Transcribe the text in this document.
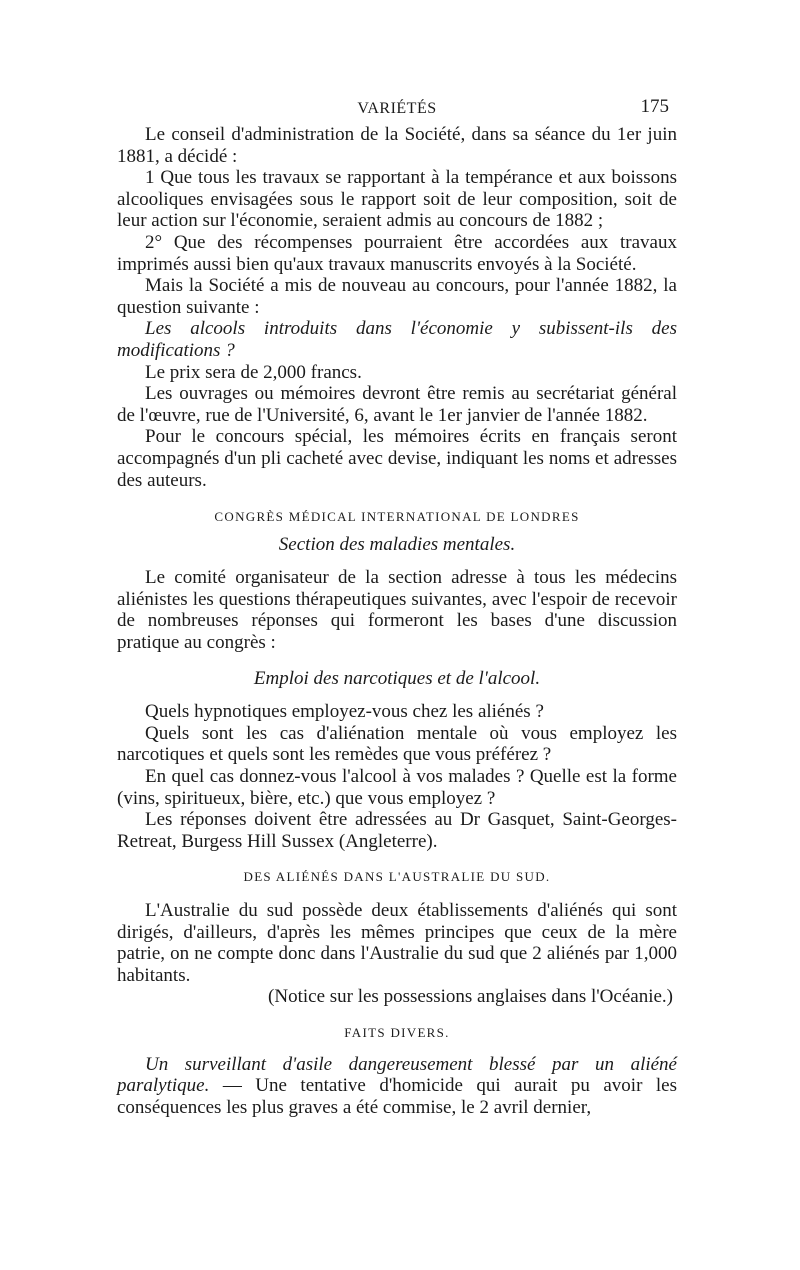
VARIÉTÉS	175

Le conseil d'administration de la Société, dans sa séance du 1er juin 1881, a décidé :

1 Que tous les travaux se rapportant à la tempérance et aux boissons alcooliques envisagées sous le rapport soit de leur composition, soit de leur action sur l'économie, seraient admis au concours de 1882 ;

2° Que des récompenses pourraient être accordées aux travaux imprimés aussi bien qu'aux travaux manuscrits envoyés à la Société.

Mais la Société a mis de nouveau au concours, pour l'année 1882, la question suivante :

Les alcools introduits dans l'économie y subissent-ils des modifications ?

Le prix sera de 2,000 francs.

Les ouvrages ou mémoires devront être remis au secrétariat général de l'œuvre, rue de l'Université, 6, avant le 1er janvier de l'année 1882.

Pour le concours spécial, les mémoires écrits en français seront accompagnés d'un pli cacheté avec devise, indiquant les noms et adresses des auteurs.

CONGRÈS MÉDICAL INTERNATIONAL DE LONDRES
Section des maladies mentales.

Le comité organisateur de la section adresse à tous les médecins aliénistes les questions thérapeutiques suivantes, avec l'espoir de recevoir de nombreuses réponses qui formeront les bases d'une discussion pratique au congrès :

Emploi des narcotiques et de l'alcool.

Quels hypnotiques employez-vous chez les aliénés ?

Quels sont les cas d'aliénation mentale où vous employez les narcotiques et quels sont les remèdes que vous préférez ?

En quel cas donnez-vous l'alcool à vos malades ? Quelle est la forme (vins, spiritueux, bière, etc.) que vous employez ?

Les réponses doivent être adressées au Dr Gasquet, Saint-Georges-Retreat, Burgess Hill Sussex (Angleterre).

DES ALIÉNÉS DANS L'AUSTRALIE DU SUD.

L'Australie du sud possède deux établissements d'aliénés qui sont dirigés, d'ailleurs, d'après les mêmes principes que ceux de la mère patrie, on ne compte donc dans l'Australie du sud que 2 aliénés par 1,000 habitants.

(Notice sur les possessions anglaises dans l'Océanie.)
FAITS DIVERS.

Un surveillant d'asile dangereusement blessé par un aliéné paralytique. — Une tentative d'homicide qui aurait pu avoir les conséquences les plus graves a été commise, le 2 avril dernier,
